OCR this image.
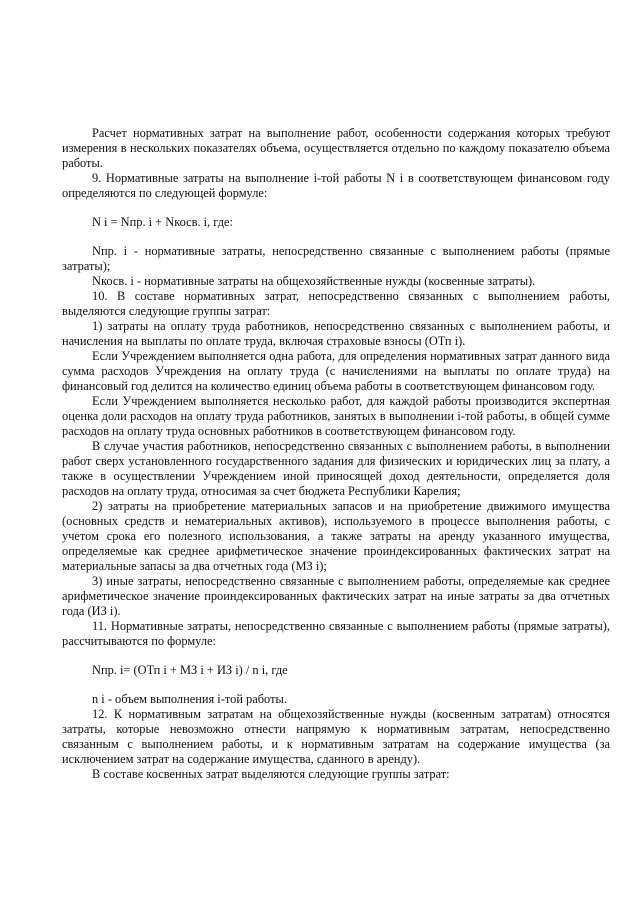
Расчет нормативных затрат на выполнение работ, особенности содержания которых требуют измерения в нескольких показателях объема, осуществляется отдельно по каждому показателю объема работы.

9. Нормативные затраты на выполнение i-той работы N i в соответствующем финансовом году определяются по следующей формуле:

N i = Nпр. i + Nкосв. i, где:

Nпр. i - нормативные затраты, непосредственно связанные с выполнением работы (прямые затраты);

Nкосв. i - нормативные затраты на общехозяйственные нужды (косвенные затраты).

10. В составе нормативных затрат, непосредственно связанных с выполнением работы, выделяются следующие группы затрат:

1) затраты на оплату труда работников, непосредственно связанных с выполнением работы, и начисления на выплаты по оплате труда, включая страховые взносы (ОТп i).

Если Учреждением выполняется одна работа, для определения нормативных затрат данного вида сумма расходов Учреждения на оплату труда (с начислениями на выплаты по оплате труда) на финансовый год делится на количество единиц объема работы в соответствующем финансовом году.

Если Учреждением выполняется несколько работ, для каждой работы производится экспертная оценка доли расходов на оплату труда работников, занятых в выполнении i-той работы, в общей сумме расходов на оплату труда основных работников в соответствующем финансовом году.

В случае участия работников, непосредственно связанных с выполнением работы, в выполнении работ сверх установленного государственного задания для физических и юридических лиц за плату, а также в осуществлении Учреждением иной приносящей доход деятельности, определяется доля расходов на оплату труда, относимая за счет бюджета Республики Карелия;

2) затраты на приобретение материальных запасов и на приобретение движимого имущества (основных средств и нематериальных активов), используемого в процессе выполнения работы, с учетом срока его полезного использования, а также затраты на аренду указанного имущества, определяемые как среднее арифметическое значение проиндексированных фактических затрат на материальные запасы за два отчетных года (МЗ i);

3) иные затраты, непосредственно связанные с выполнением работы, определяемые как среднее арифметическое значение проиндексированных фактических затрат на иные затраты за два отчетных года (ИЗ i).

11. Нормативные затраты, непосредственно связанные с выполнением работы (прямые затраты), рассчитываются по формуле:

Nпр. i= (ОТп i + МЗ i + ИЗ i) / n i, где

n i - объем выполнения i-той работы.

12. К нормативным затратам на общехозяйственные нужды (косвенным затратам) относятся затраты, которые невозможно отнести напрямую к нормативным затратам, непосредственно связанным с выполнением работы, и к нормативным затратам на содержание имущества (за исключением затрат на содержание имущества, сданного в аренду).

В составе косвенных затрат выделяются следующие группы затрат:
